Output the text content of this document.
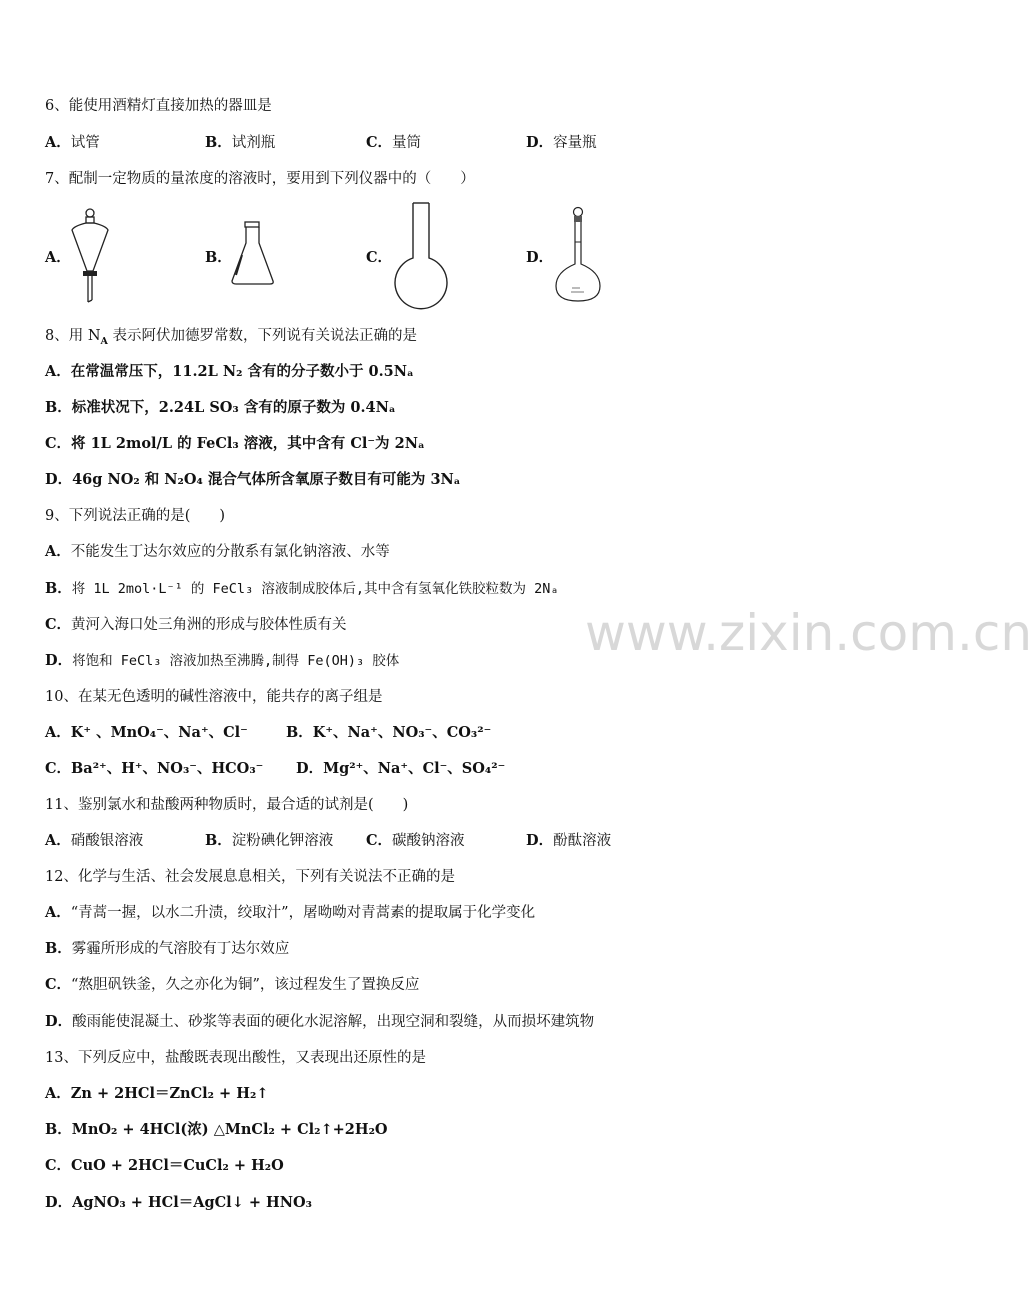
www.zixin.com.cn
6、能使用酒精灯直接加热的器皿是
A．试管	B．试剂瓶	C．量筒	D．容量瓶
7、配制一定物质的量浓度的溶液时，要用到下列仪器中的（　　）
A．	B．	C．	D．
8、用 $N_A$ 表示阿伏加德罗常数，下列说有关说法正确的是
A．在常温常压下，11.2L N₂ 含有的分子数小于 0.5Nₐ
B．标准状况下，2.24L SO₃ 含有的原子数为 0.4Nₐ
C．将 1L 2mol/L 的 FeCl₃ 溶液，其中含有 Cl⁻为 2Nₐ
D．46g NO₂ 和 N₂O₄ 混合气体所含氧原子数目有可能为 3Nₐ
9、下列说法正确的是(　　)
A．不能发生丁达尔效应的分散系有氯化钠溶液、水等
B．将 1L 2mol·L⁻¹ 的 FeCl₃ 溶液制成胶体后,其中含有氢氧化铁胶粒数为 2Nₐ
C．黄河入海口处三角洲的形成与胶体性质有关
D．将饱和 FeCl₃ 溶液加热至沸腾,制得 Fe(OH)₃ 胶体
10、在某无色透明的碱性溶液中，能共存的离子组是
A．K⁺ 、MnO₄⁻、Na⁺、Cl⁻	B．K⁺、Na⁺、NO₃⁻、CO₃²⁻
C．Ba²⁺、H⁺、NO₃⁻、HCO₃⁻ D．Mg²⁺、Na⁺、Cl⁻、SO₄²⁻
11、鉴别氯水和盐酸两种物质时，最合适的试剂是(　　)
A．硝酸银溶液	B．淀粉碘化钾溶液 C．碳酸钠溶液	D．酚酞溶液
12、化学与生活、社会发展息息相关，下列有关说法不正确的是
A．“青蒿一握，以水二升渍，绞取汁”，屠呦呦对青蒿素的提取属于化学变化
B．雾霾所形成的气溶胶有丁达尔效应
C．“熬胆矾铁釜，久之亦化为铜”，该过程发生了置换反应
D．酸雨能使混凝土、砂浆等表面的硬化水泥溶解，出现空洞和裂缝，从而损坏建筑物
13、下列反应中，盐酸既表现出酸性，又表现出还原性的是
A．Zn + 2HCl＝ZnCl₂ + H₂↑
B．MnO₂ + 4HCl(浓) △MnCl₂ + Cl₂↑+2H₂O
C．CuO + 2HCl＝CuCl₂ + H₂O
D．AgNO₃ + HCl＝AgCl↓ + HNO₃
